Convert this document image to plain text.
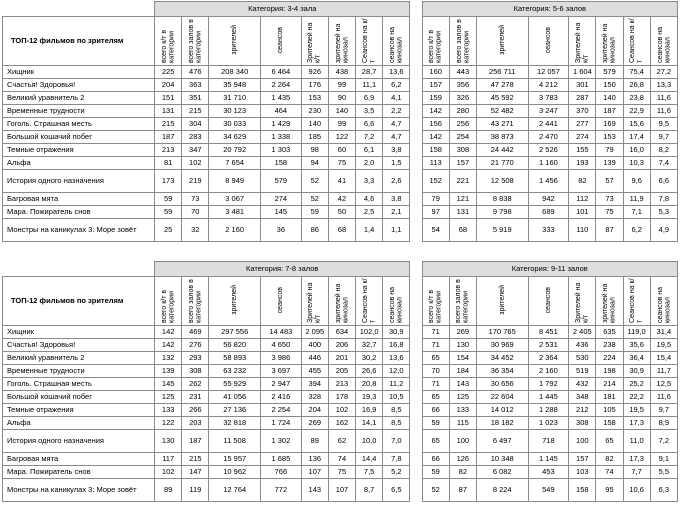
	Категория: 3-4 зала									Категория: 5-6 залов							
ТОП-12 фильмов по зрителям	всего к/т в категории	всего залов в категории	зрителей	сеансов	Зрителей на к/т	зрителей на кинозал	Сеансов на к/т	сеансов на кинозал		всего к/т в категории	всего залов в категории	зрителей	сеансов	Зрителей на к/т	зрителей на кинозал	Сеансов на к/т	сеансов на кинозал
Хищник	225	476	208 340	6 464	926	438	28,7	13,6		160	443	256 711	12 057	1 604	579	75,4	27,2
Счастья! Здоровья!	204	363	35 948	2 264	176	99	11,1	6,2		157	356	47 278	4 212	301	150	26,8	13,3
Великий уравнитель 2	151	351	31 710	1 435	153	90	6,9	4,1		159	326	45 592	3 783	287	140	23,8	11,6
Временные трудности	131	215	30 123	464	230	140	3,5	2,2		142	280	52 482	3 247	370	187	22,9	11,6
Гоголь. Страшная месть	215	304	30 033	1 429	140	99	6,6	4,7		156	256	43 271	2 441	277	169	15,6	9,5
Большой кошачий побег	187	283	34 629	1 338	185	122	7,2	4,7		142	254	38 873	2 470	274	153	17,4	9,7
Темные отражения	213	347	20 792	1 303	98	60	6,1	3,8		158	308	24 442	2 526	155	79	16,0	8,2
Альфа	81	102	7 654	158	94	75	2,0	1,5		113	157	21 770	1 160	193	139	10,3	7,4
История одного назначения	173	219	8 949	579	52	41	3,3	2,6		152	221	12 508	1 456	82	57	9,6	6,6
Багровая мята	59	73	3 067	274	52	42	4,6	3,8		79	121	8 838	942	112	73	11,9	7,8
Мара. Пожиратель снов	59	70	3 481	145	59	50	2,5	2,1		97	131	9 798	689	101	75	7,1	5,3
Монстры на каникулах 3: Море зовёт	25	32	2 160	36	86	68	1,4	1,1		54	68	5 919	333	110	87	6,2	4,9
	Категория: 7-8 залов									Категория: 9-11 залов							
ТОП-12 фильмов по зрителям	всего к/т в категории	всего залов в категории	зрителей	сеансов	Зрителей на к/т	зрителей на кинозал	Сеансов на к/т	сеансов на кинозал		всего к/т в категории	всего залов в категории	зрителей	сеансов	Зрителей на к/т	зрителей на кинозал	Сеансов на к/т	сеансов на кинозал
Хищник	142	469	297 556	14 483	2 095	634	102,0	30,9		71	269	170 765	8 451	2 405	635	119,0	31,4
Счастья! Здоровья!	142	276	56 820	4 650	400	206	32,7	16,8		71	130	30 969	2 531	436	238	35,6	19,5
Великий уравнитель 2	132	293	58 893	3 986	446	201	30,2	13,6		65	154	34 452	2 364	530	224	36,4	15,4
Временные трудности	139	308	63 232	3 697	455	205	26,6	12,0		70	184	36 354	2 160	519	198	30,9	11,7
Гоголь. Страшная месть	145	262	55 929	2 947	394	213	20,8	11,2		71	143	30 656	1 792	432	214	25,2	12,5
Большой кошачий побег	125	231	41 056	2 416	328	178	19,3	10,5		65	125	22 604	1 445	348	181	22,2	11,6
Темные отражения	133	266	27 136	2 254	204	102	16,9	8,5		66	133	14 012	1 288	212	105	19,5	9,7
Альфа	122	203	32 818	1 724	269	162	14,1	8,5		59	115	18 182	1 023	308	158	17,3	8,9
История одного назначения	130	187	11 508	1 302	89	62	10,0	7,0		65	100	6 497	718	100	65	11,0	7,2
Багровая мята	117	215	15 957	1 685	136	74	14,4	7,8		66	126	10 348	1 145	157	82	17,3	9,1
Мара. Пожиратель снов	102	147	10 962	766	107	75	7,5	5,2		59	82	6 082	453	103	74	7,7	5,5
Монстры на каникулах 3: Море зовёт	89	119	12 764	772	143	107	8,7	6,5		52	87	8 224	549	158	95	10,6	6,3
